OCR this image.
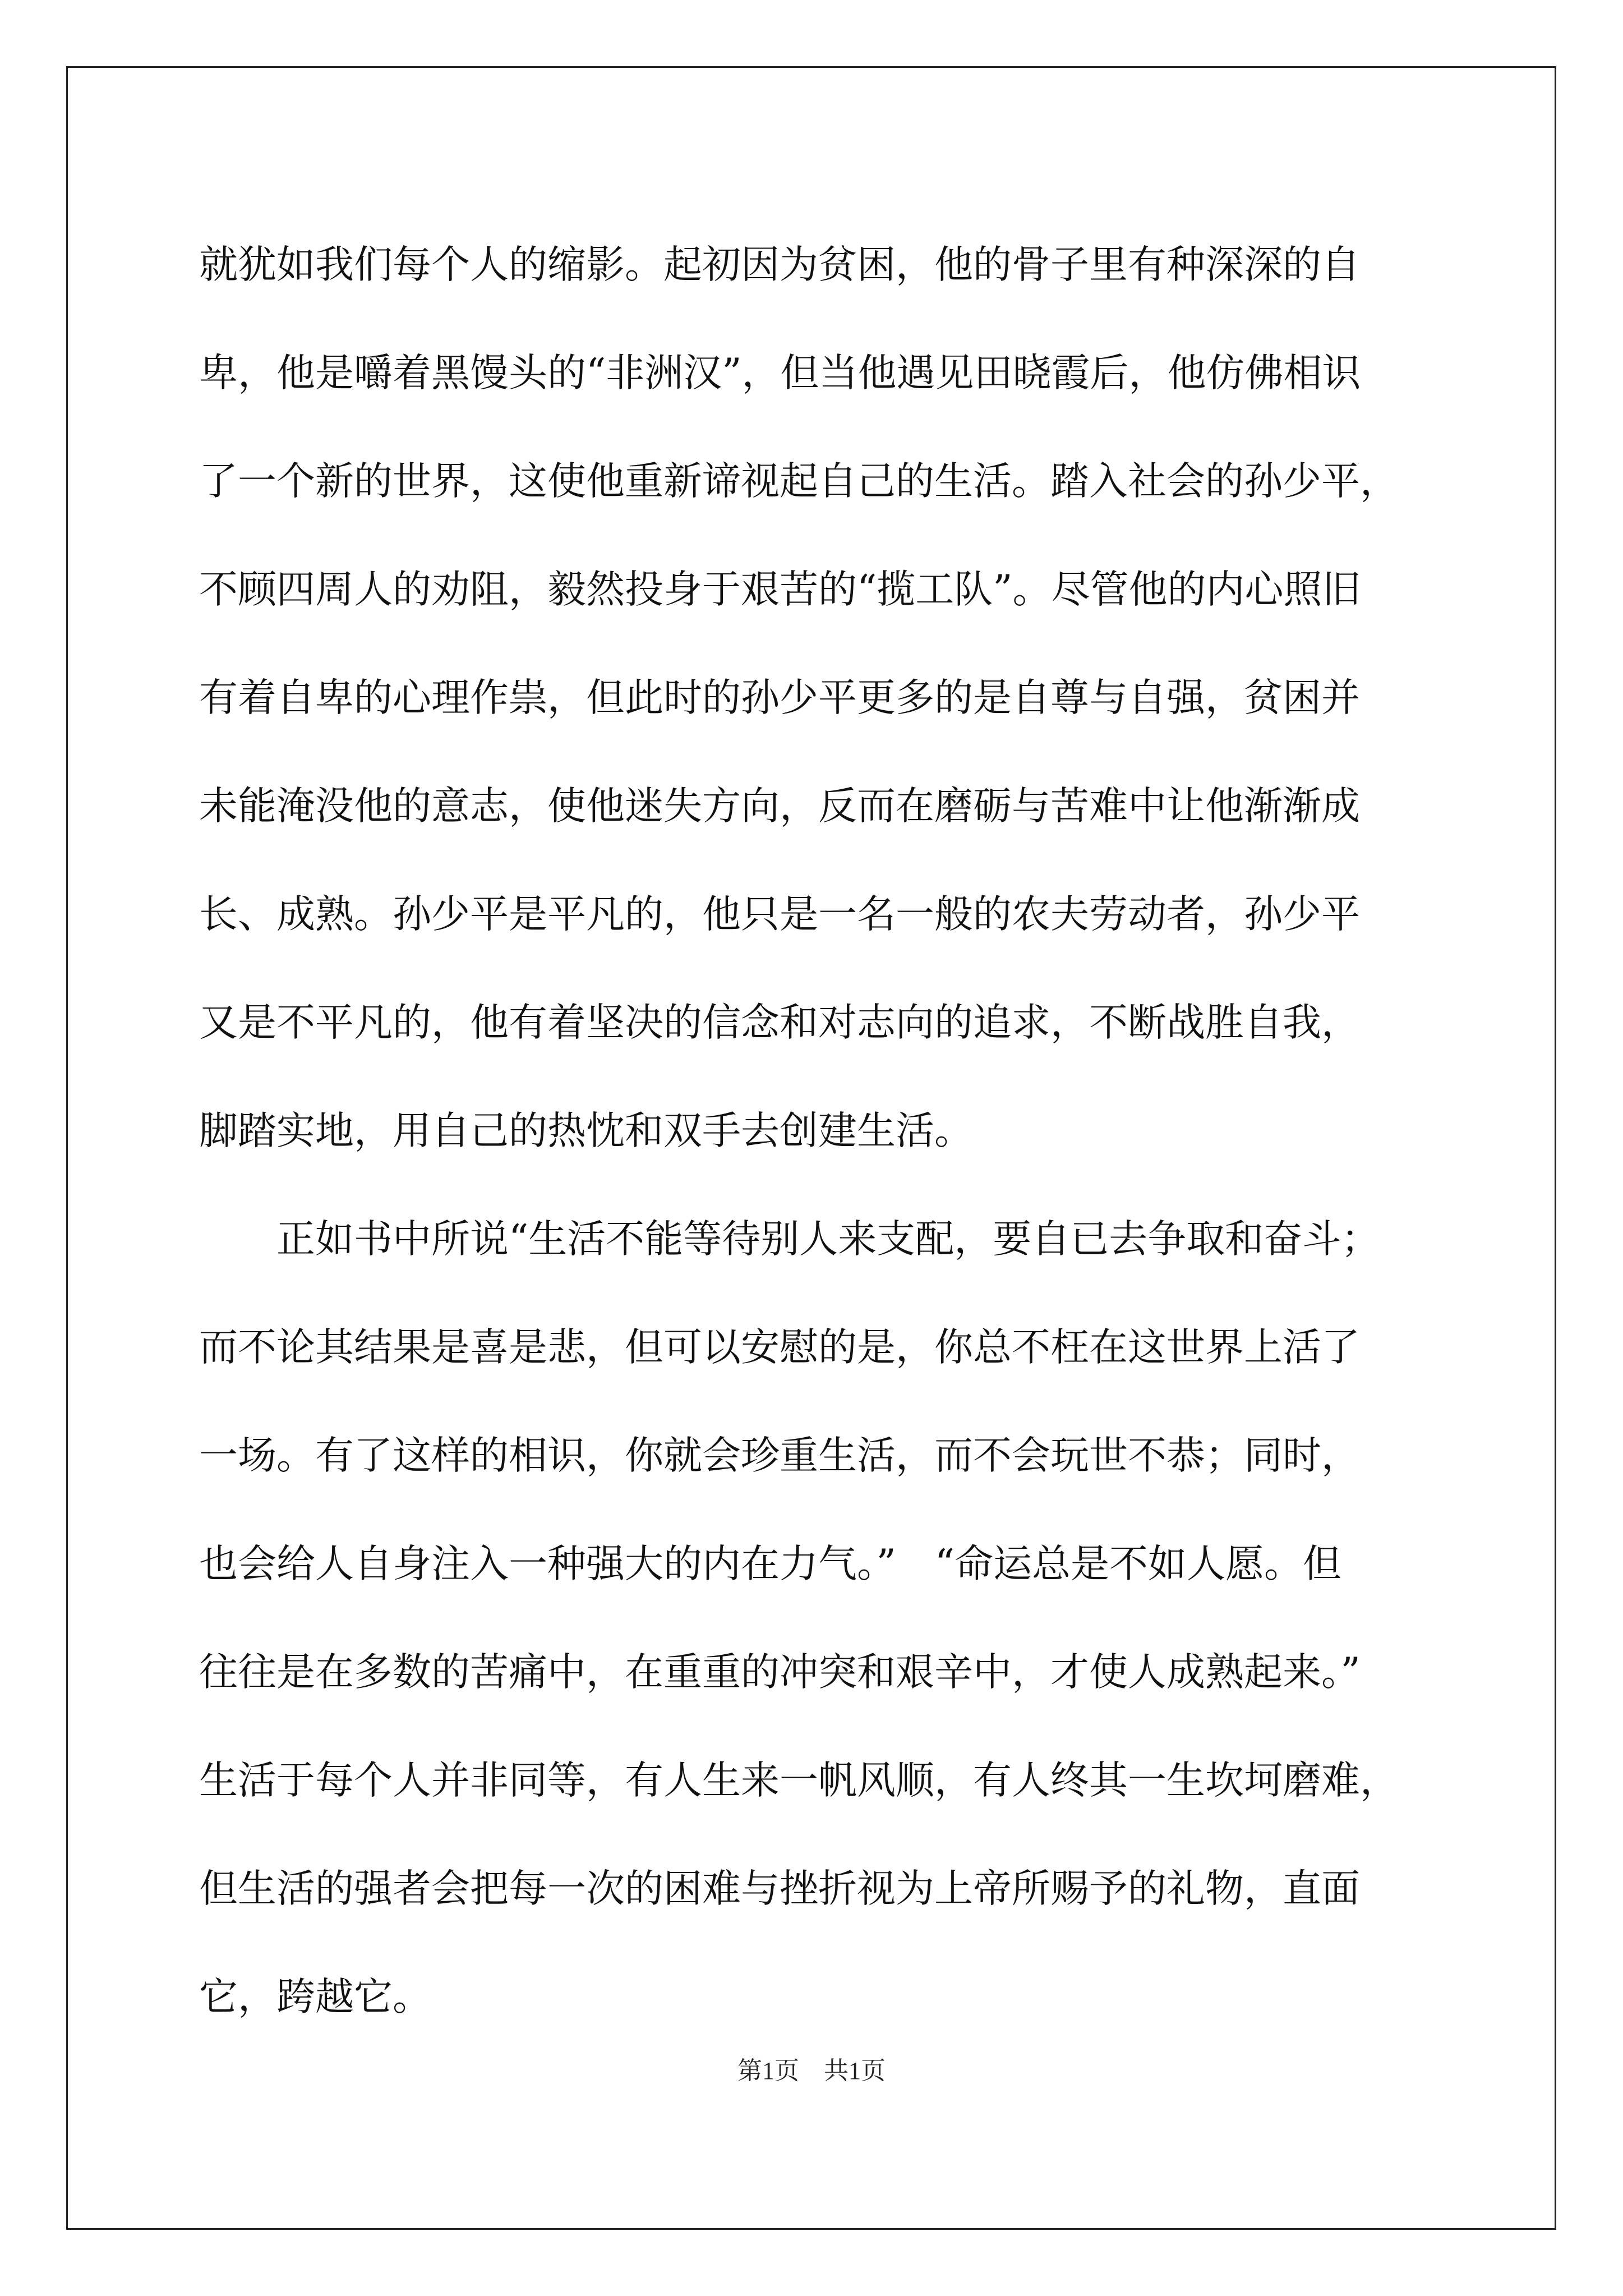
就犹如我们每个人的缩影。起初因为贫困，他的骨子里有种深深的自
卑，他是嚼着黑馒头的“非洲汉”，但当他遇见田晓霞后，他仿佛相识
了一个新的世界，这使他重新谛视起自己的生活。踏入社会的孙少平，
不顾四周人的劝阻，毅然投身于艰苦的“揽工队”。尽管他的内心照旧
有着自卑的心理作祟，但此时的孙少平更多的是自尊与自强，贫困并
未能淹没他的意志，使他迷失方向，反而在磨砺与苦难中让他渐渐成
长、成熟。孙少平是平凡的，他只是一名一般的农夫劳动者，孙少平
又是不平凡的，他有着坚决的信念和对志向的追求，不断战胜自我，
脚踏实地，用自己的热忱和双手去创建生活。
　　正如书中所说“生活不能等待别人来支配，要自已去争取和奋斗；
而不论其结果是喜是悲，但可以安慰的是，你总不枉在这世界上活了
一场。有了这样的相识，你就会珍重生活，而不会玩世不恭；同时，
也会给人自身注入一种强大的内在力气。”　“命运总是不如人愿。但
往往是在多数的苦痛中，在重重的冲突和艰辛中，才使人成熟起来。”
生活于每个人并非同等，有人生来一帆风顺，有人终其一生坎坷磨难，
但生活的强者会把每一次的困难与挫折视为上帝所赐予的礼物，直面
它，跨越它。
第1页　共1页
